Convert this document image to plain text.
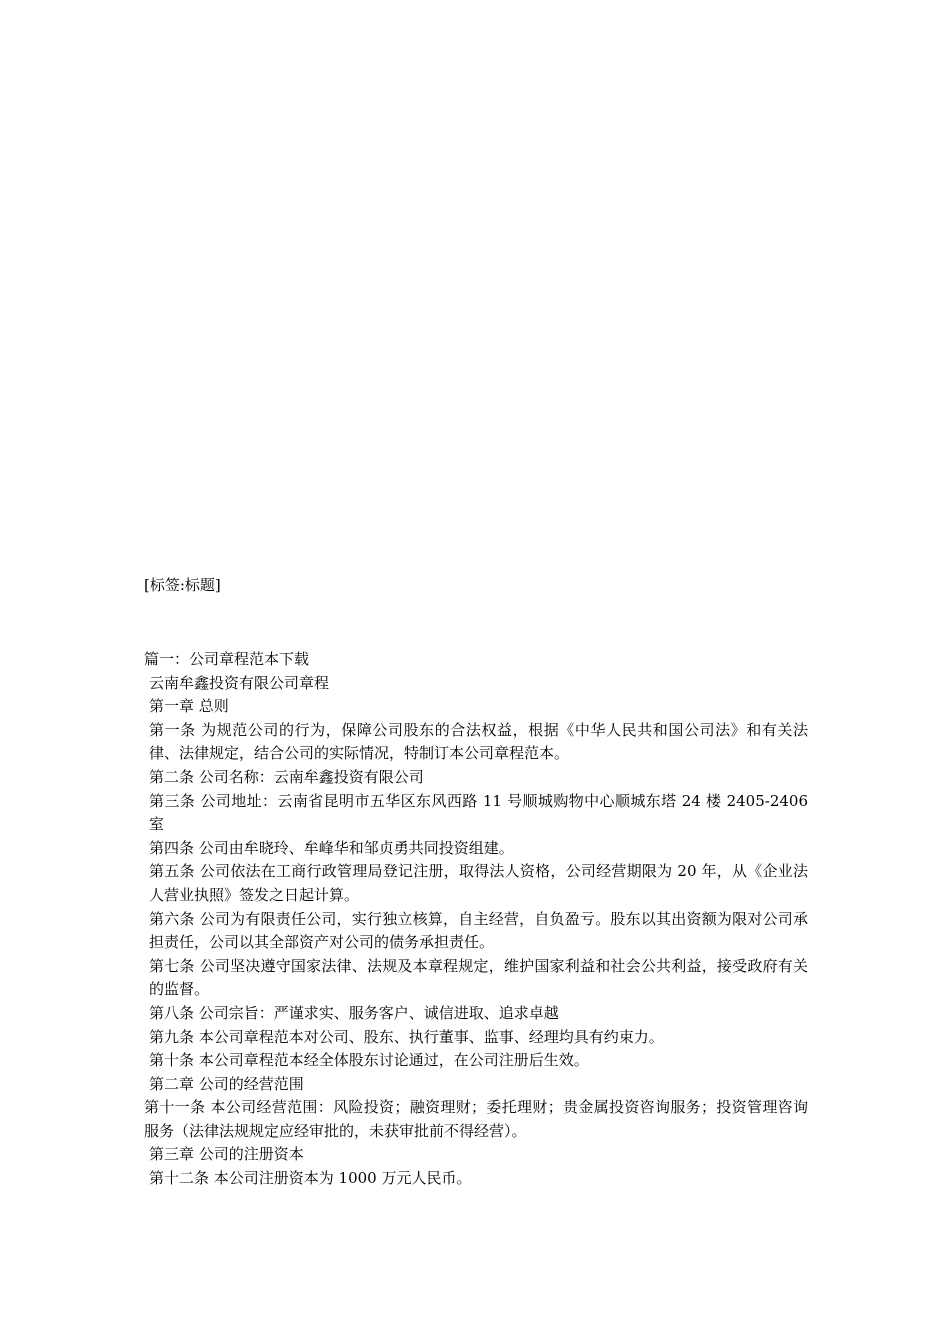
[标签:标题]
篇一：公司章程范本下载
云南牟鑫投资有限公司章程
第一章 总则
第一条 为规范公司的行为，保障公司股东的合法权益，根据《中华人民共和国公司法》和有关法律、法律规定，结合公司的实际情况，特制订本公司章程范本。
第二条 公司名称：云南牟鑫投资有限公司
第三条 公司地址：云南省昆明市五华区东风西路 11 号顺城购物中心顺城东塔 24 楼 2405-2406 室
第四条 公司由牟晓玲、牟峰华和邹贞勇共同投资组建。
第五条 公司依法在工商行政管理局登记注册，取得法人资格，公司经营期限为 20 年，从《企业法人营业执照》签发之日起计算。
第六条 公司为有限责任公司，实行独立核算，自主经营，自负盈亏。股东以其出资额为限对公司承担责任，公司以其全部资产对公司的债务承担责任。
第七条 公司坚决遵守国家法律、法规及本章程规定，维护国家利益和社会公共利益，接受政府有关的监督。
第八条 公司宗旨：严谨求实、服务客户、诚信进取、追求卓越
第九条 本公司章程范本对公司、股东、执行董事、监事、经理均具有约束力。
第十条 本公司章程范本经全体股东讨论通过，在公司注册后生效。
第二章 公司的经营范围
第十一条 本公司经营范围：风险投资；融资理财；委托理财；贵金属投资咨询服务；投资管理咨询服务（法律法规规定应经审批的，未获审批前不得经营）。
第三章 公司的注册资本
第十二条 本公司注册资本为 1000 万元人民币。
